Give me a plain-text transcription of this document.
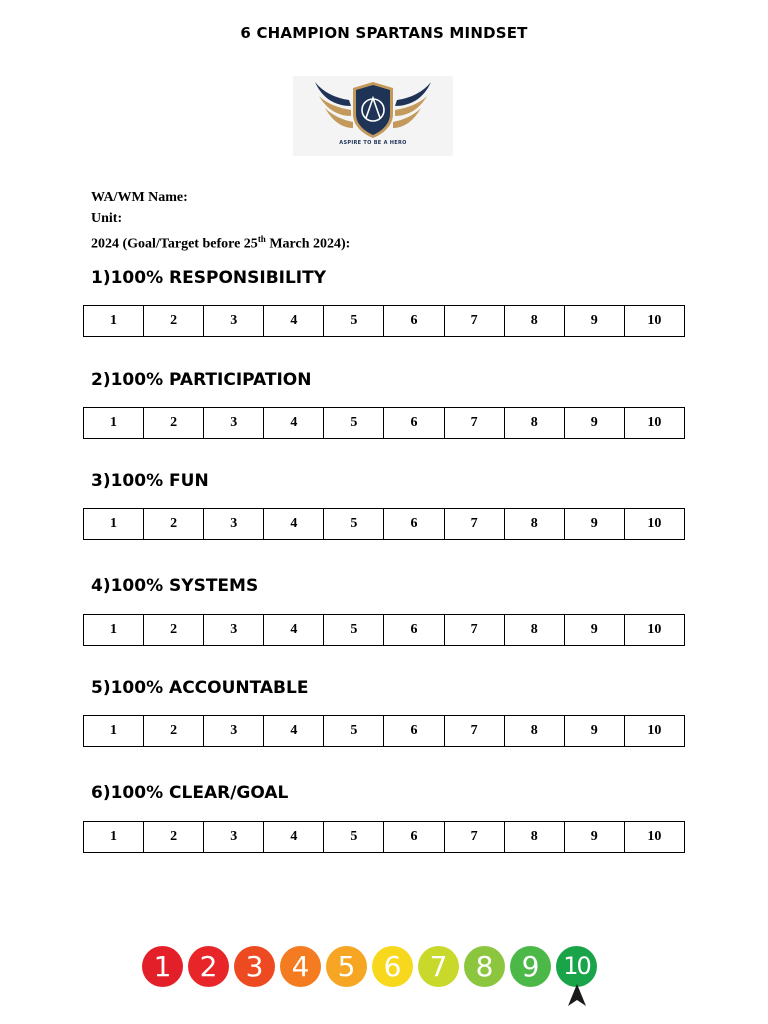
6 CHAMPION SPARTANS MINDSET
ASPIRE TO BE A HERO
WA/WM Name:
Unit:
2024 (Goal/Target before 25th March 2024):
1)100% RESPONSIBILITY
1	2	3	4	5	6	7	8	9	10
2)100% PARTICIPATION
1	2	3	4	5	6	7	8	9	10
3)100% FUN
1	2	3	4	5	6	7	8	9	10
4)100% SYSTEMS
1	2	3	4	5	6	7	8	9	10
5)100% ACCOUNTABLE
1	2	3	4	5	6	7	8	9	10
6)100% CLEAR/GOAL
1	2	3	4	5	6	7	8	9	10
1	2	3	4	5	6	7	8	9 10
